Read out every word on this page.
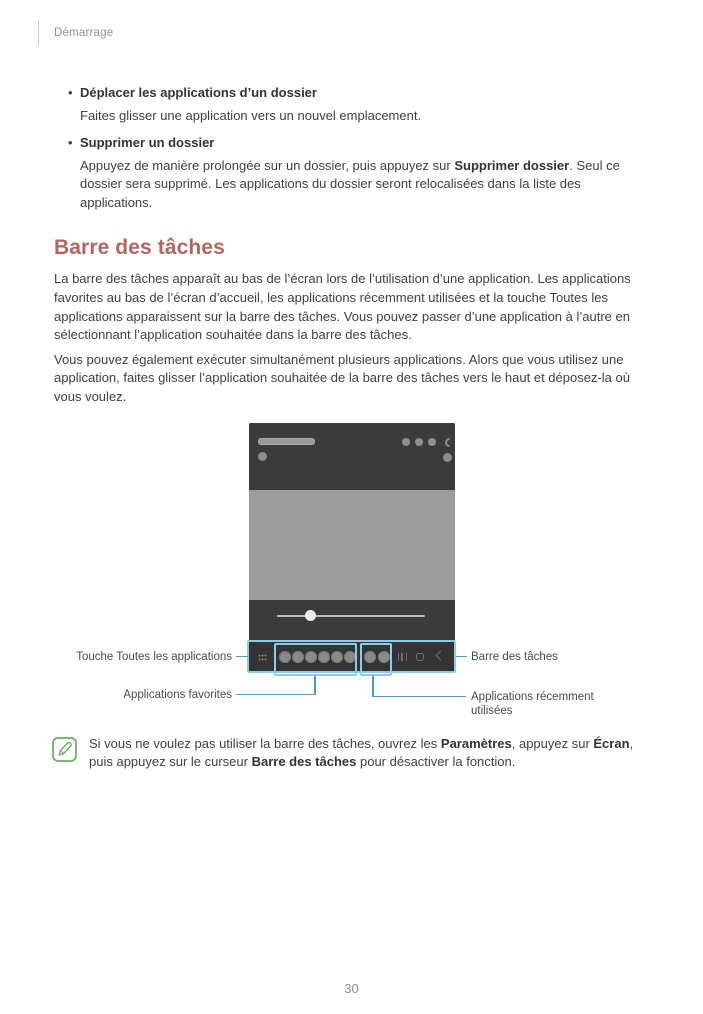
Démarrage
• Déplacer les applications d’un dossier
Faites glisser une application vers un nouvel emplacement.
• Supprimer un dossier
Appuyez de manière prolongée sur un dossier, puis appuyez sur Supprimer dossier. Seul ce dossier sera supprimé. Les applications du dossier seront relocalisées dans la liste des applications.
Barre des tâches

La barre des tâches apparaît au bas de l’écran lors de l’utilisation d’une application. Les applications favorites au bas de l’écran d’accueil, les applications récemment utilisées et la touche Toutes les applications apparaissent sur la barre des tâches. Vous pouvez passer d’une application à l’autre en sélectionnant l’application souhaitée dans la barre des tâches.

Vous pouvez également exécuter simultanément plusieurs applications. Alors que vous utilisez une application, faites glisser l’application souhaitée de la barre des tâches vers le haut et déposez-la où vous voulez.

Touche Toutes les applications
Applications favorites
Barre des tâches
Applications récemment utilisées
Si vous ne voulez pas utiliser la barre des tâches, ouvrez les Paramètres, appuyez sur Écran, puis appuyez sur le curseur Barre des tâches pour désactiver la fonction.
30
